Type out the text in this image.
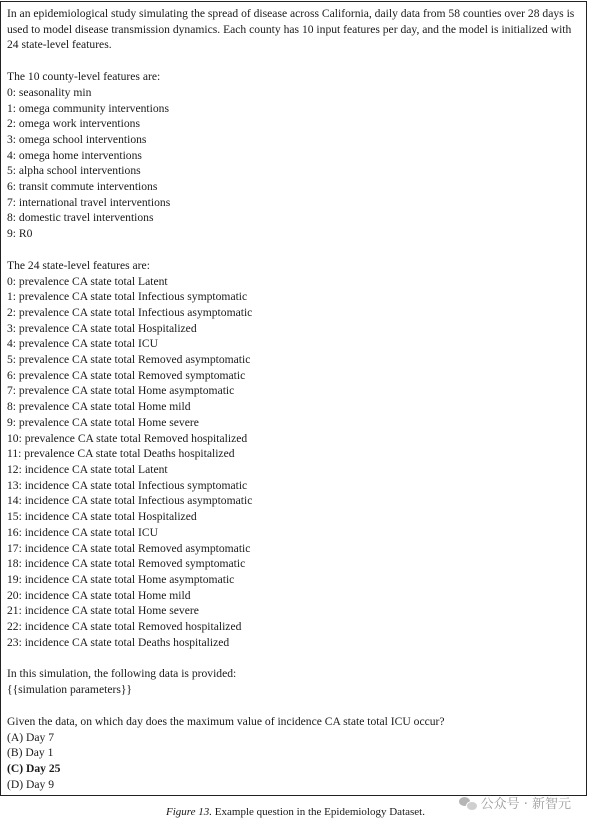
In an epidemiological study simulating the spread of disease across California, daily data from 58 counties over 28 days is used to model disease transmission dynamics. Each county has 10 input features per day, and the model is initialized with 24 state-level features.

The 10 county-level features are:
0: seasonality min
1: omega community interventions
2: omega work interventions
3: omega school interventions
4: omega home interventions
5: alpha school interventions
6: transit commute interventions
7: international travel interventions
8: domestic travel interventions
9: R0
The 24 state-level features are:
0: prevalence CA state total Latent
1: prevalence CA state total Infectious symptomatic
2: prevalence CA state total Infectious asymptomatic
3: prevalence CA state total Hospitalized
4: prevalence CA state total ICU
5: prevalence CA state total Removed asymptomatic
6: prevalence CA state total Removed symptomatic
7: prevalence CA state total Home asymptomatic
8: prevalence CA state total Home mild
9: prevalence CA state total Home severe
10: prevalence CA state total Removed hospitalized
11: prevalence CA state total Deaths hospitalized
12: incidence CA state total Latent
13: incidence CA state total Infectious symptomatic
14: incidence CA state total Infectious asymptomatic
15: incidence CA state total Hospitalized
16: incidence CA state total ICU
17: incidence CA state total Removed asymptomatic
18: incidence CA state total Removed symptomatic
19: incidence CA state total Home asymptomatic
20: incidence CA state total Home mild
21: incidence CA state total Home severe
22: incidence CA state total Removed hospitalized
23: incidence CA state total Deaths hospitalized
In this simulation, the following data is provided:
{{simulation parameters}}
Given the data, on which day does the maximum value of incidence CA state total ICU occur?
(A) Day 7
(B) Day 1
(C) Day 25
(D) Day 9
公众号 · 新智元
Figure 13. Example question in the Epidemiology Dataset.
